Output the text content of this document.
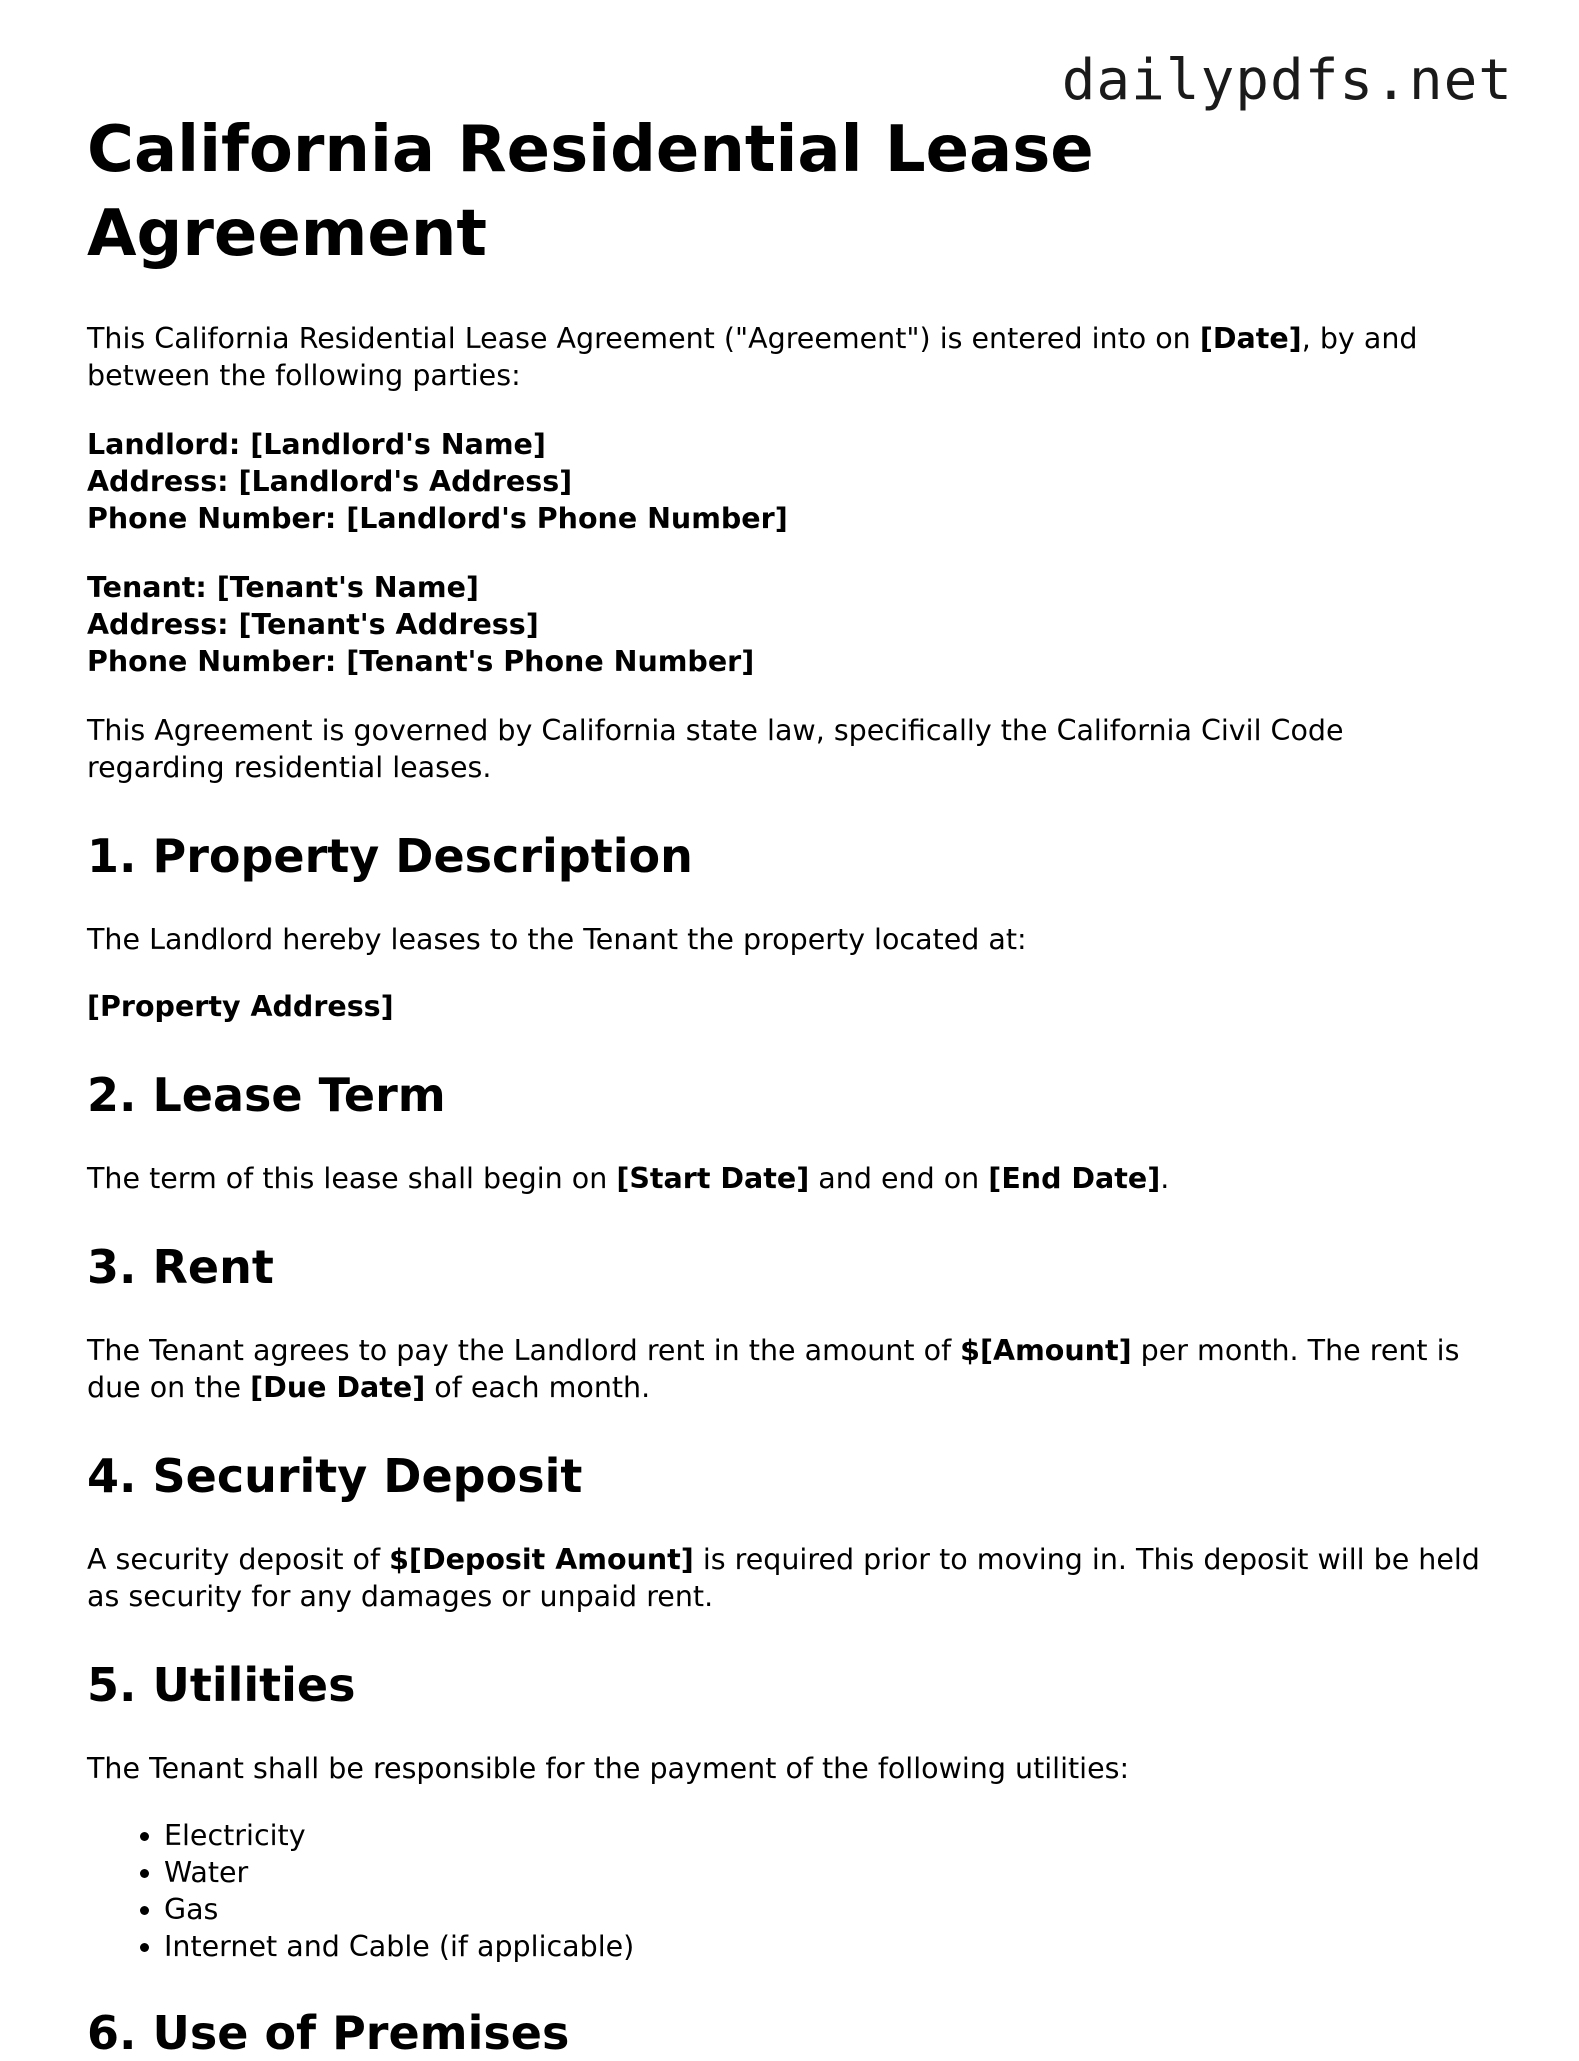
dailypdfs.net
California Residential Lease Agreement

This California Residential Lease Agreement ("Agreement") is entered into on [Date], by and between the following parties:

Landlord: [Landlord's Name]
Address: [Landlord's Address]
Phone Number: [Landlord's Phone Number]
Tenant: [Tenant's Name]
Address: [Tenant's Address]
Phone Number: [Tenant's Phone Number]

This Agreement is governed by California state law, specifically the California Civil Code regarding residential leases.

1. Property Description

The Landlord hereby leases to the Tenant the property located at:

[Property Address]

2. Lease Term

The term of this lease shall begin on [Start Date] and end on [End Date].

3. Rent

The Tenant agrees to pay the Landlord rent in the amount of $[Amount] per month. The rent is due on the [Due Date] of each month.

4. Security Deposit

A security deposit of $[Deposit Amount] is required prior to moving in. This deposit will be held as security for any damages or unpaid rent.

5. Utilities

The Tenant shall be responsible for the payment of the following utilities:

• Electricity
• Water
• Gas
• Internet and Cable (if applicable)
6. Use of Premises
